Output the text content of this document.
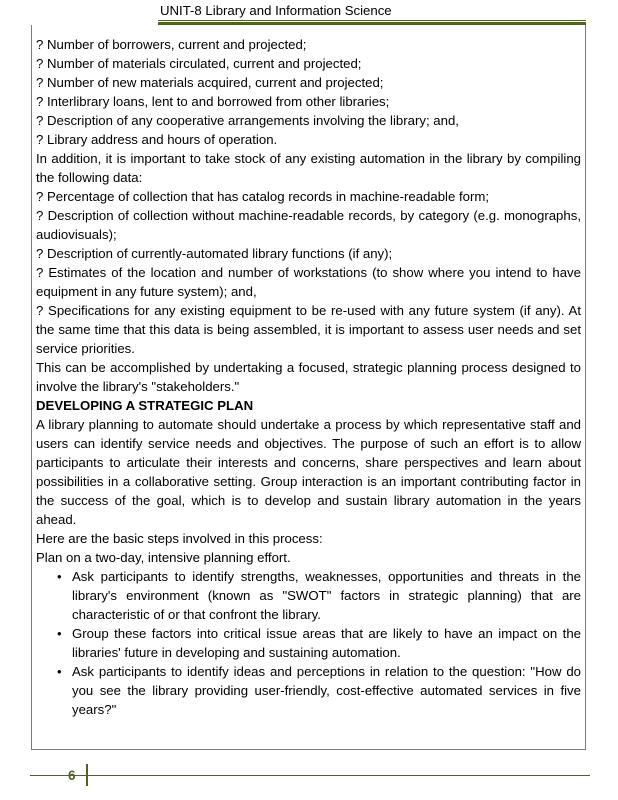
UNIT-8 Library and Information Science

? Number of borrowers, current and projected;

? Number of materials circulated, current and projected;

? Number of new materials acquired, current and projected;

? Interlibrary loans, lent to and borrowed from other libraries;

? Description of any cooperative arrangements involving the library; and,

? Library address and hours of operation.

In addition, it is important to take stock of any existing automation in the library by compiling the following data:

? Percentage of collection that has catalog records in machine-readable form;

? Description of collection without machine-readable records, by category (e.g. monographs, audiovisuals);

? Description of currently-automated library functions (if any);

? Estimates of the location and number of workstations (to show where you intend to have equipment in any future system); and,

? Specifications for any existing equipment to be re-used with any future system (if any). At the same time that this data is being assembled, it is important to assess user needs and set service priorities.

This can be accomplished by undertaking a focused, strategic planning process designed to involve the library's "stakeholders."

DEVELOPING A STRATEGIC PLAN

A library planning to automate should undertake a process by which representative staff and users can identify service needs and objectives. The purpose of such an effort is to allow participants to articulate their interests and concerns, share perspectives and learn about possibilities in a collaborative setting. Group interaction is an important contributing factor in the success of the goal, which is to develop and sustain library automation in the years ahead.

Here are the basic steps involved in this process:

Plan on a two-day, intensive planning effort.

• Ask participants to identify strengths, weaknesses, opportunities and threats in the library's environment (known as "SWOT" factors in strategic planning) that are characteristic of or that confront the library.
• Group these factors into critical issue areas that are likely to have an impact on the libraries' future in developing and sustaining automation.
• Ask participants to identify ideas and perceptions in relation to the question: "How do you see the library providing user-friendly, cost-effective automated services in five years?"
6
